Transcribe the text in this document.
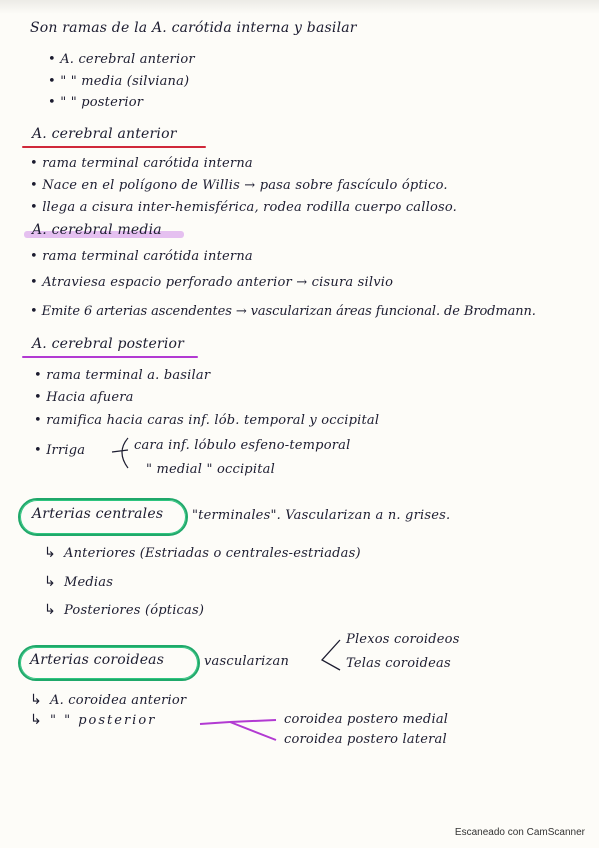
Son ramas de la A. carótida interna y basilar
• A. cerebral anterior
• " " media (silviana)
• " " posterior
A. cerebral anterior
• rama terminal carótida interna
• Nace en el polígono de Willis → pasa sobre fascículo óptico.
• llega a cisura inter-hemisférica, rodea rodilla cuerpo calloso.
A. cerebral media
• rama terminal carótida interna
• Atraviesa espacio perforado anterior → cisura silvio
• Emite 6 arterias ascendentes → vascularizan áreas funcional. de Brodmann.
A. cerebral posterior
• rama terminal a. basilar
• Hacia afuera
• ramifica hacia caras inf. lób. temporal y occipital
• Irriga	cara inf. lóbulo esfeno-temporal
" medial " occipital
Arterias centrales "terminales". Vascularizan a n. grises.
↳ Anteriores (Estriadas o centrales-estriadas)
↳ Medias
↳ Posteriores (ópticas)
Arterias coroideas	vascularizan
Plexos coroideos
Telas coroideas
↳ A. coroidea anterior
↳ " " posterior	coroidea postero medial
coroidea postero lateral
Escaneado con CamScanner
